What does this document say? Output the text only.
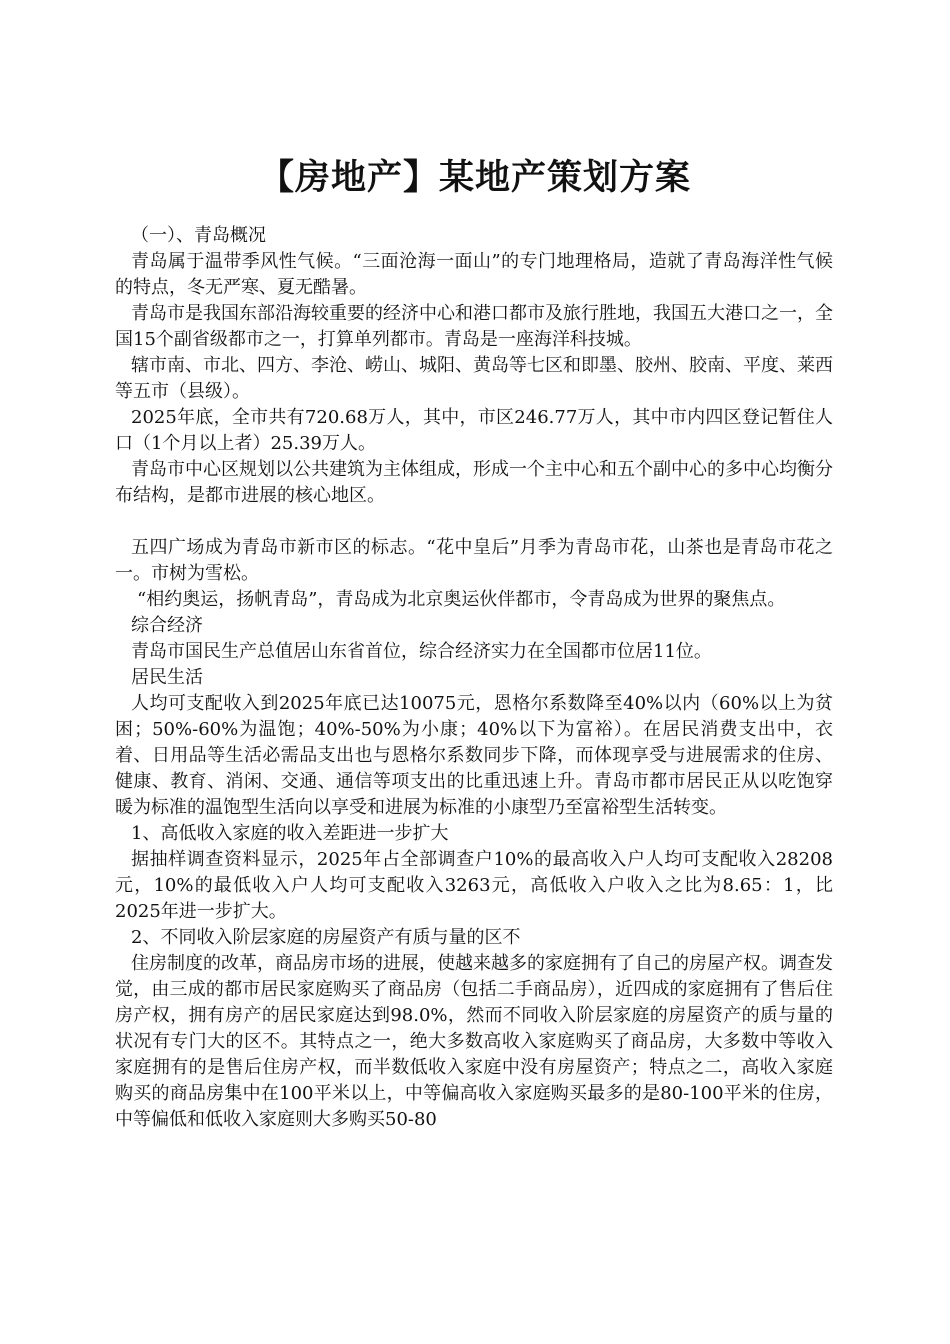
【房地产】某地产策划方案

（一）、青岛概况

青岛属于温带季风性气候。“三面沧海一面山”的专门地理格局，造就了青岛海洋性气候的特点，冬无严寒、夏无酷暑。

青岛市是我国东部沿海较重要的经济中心和港口都市及旅行胜地，我国五大港口之一，全国15个副省级都市之一，打算单列都市。青岛是一座海洋科技城。

辖市南、市北、四方、李沧、崂山、城阳、黄岛等七区和即墨、胶州、胶南、平度、莱西等五市（县级）。

2025年底，全市共有720.68万人，其中，市区246.77万人，其中市内四区登记暂住人口（1个月以上者）25.39万人。

青岛市中心区规划以公共建筑为主体组成，形成一个主中心和五个副中心的多中心均衡分布结构，是都市进展的核心地区。

五四广场成为青岛市新市区的标志。“花中皇后”月季为青岛市花，山茶也是青岛市花之一。市树为雪松。

“相约奥运，扬帆青岛”，青岛成为北京奥运伙伴都市，令青岛成为世界的聚焦点。

综合经济

青岛市国民生产总值居山东省首位，综合经济实力在全国都市位居11位。

居民生活

人均可支配收入到2025年底已达10075元，恩格尔系数降至40%以内（60%以上为贫困；50%-60%为温饱；40%-50%为小康；40%以下为富裕）。在居民消费支出中，衣着、日用品等生活必需品支出也与恩格尔系数同步下降，而体现享受与进展需求的住房、健康、教育、消闲、交通、通信等项支出的比重迅速上升。青岛市都市居民正从以吃饱穿暖为标准的温饱型生活向以享受和进展为标准的小康型乃至富裕型生活转变。

1、高低收入家庭的收入差距进一步扩大

据抽样调查资料显示，2025年占全部调查户10%的最高收入户人均可支配收入28208元，10%的最低收入户人均可支配收入3263元，高低收入户收入之比为8.65：1，比2025年进一步扩大。

2、不同收入阶层家庭的房屋资产有质与量的区不

住房制度的改革，商品房市场的进展，使越来越多的家庭拥有了自己的房屋产权。调查发觉，由三成的都市居民家庭购买了商品房（包括二手商品房），近四成的家庭拥有了售后住房产权，拥有房产的居民家庭达到98.0%，然而不同收入阶层家庭的房屋资产的质与量的状况有专门大的区不。其特点之一，绝大多数高收入家庭购买了商品房，大多数中等收入家庭拥有的是售后住房产权，而半数低收入家庭中没有房屋资产；特点之二，高收入家庭购买的商品房集中在100平米以上，中等偏高收入家庭购买最多的是80-100平米的住房，中等偏低和低收入家庭则大多购买50-80
